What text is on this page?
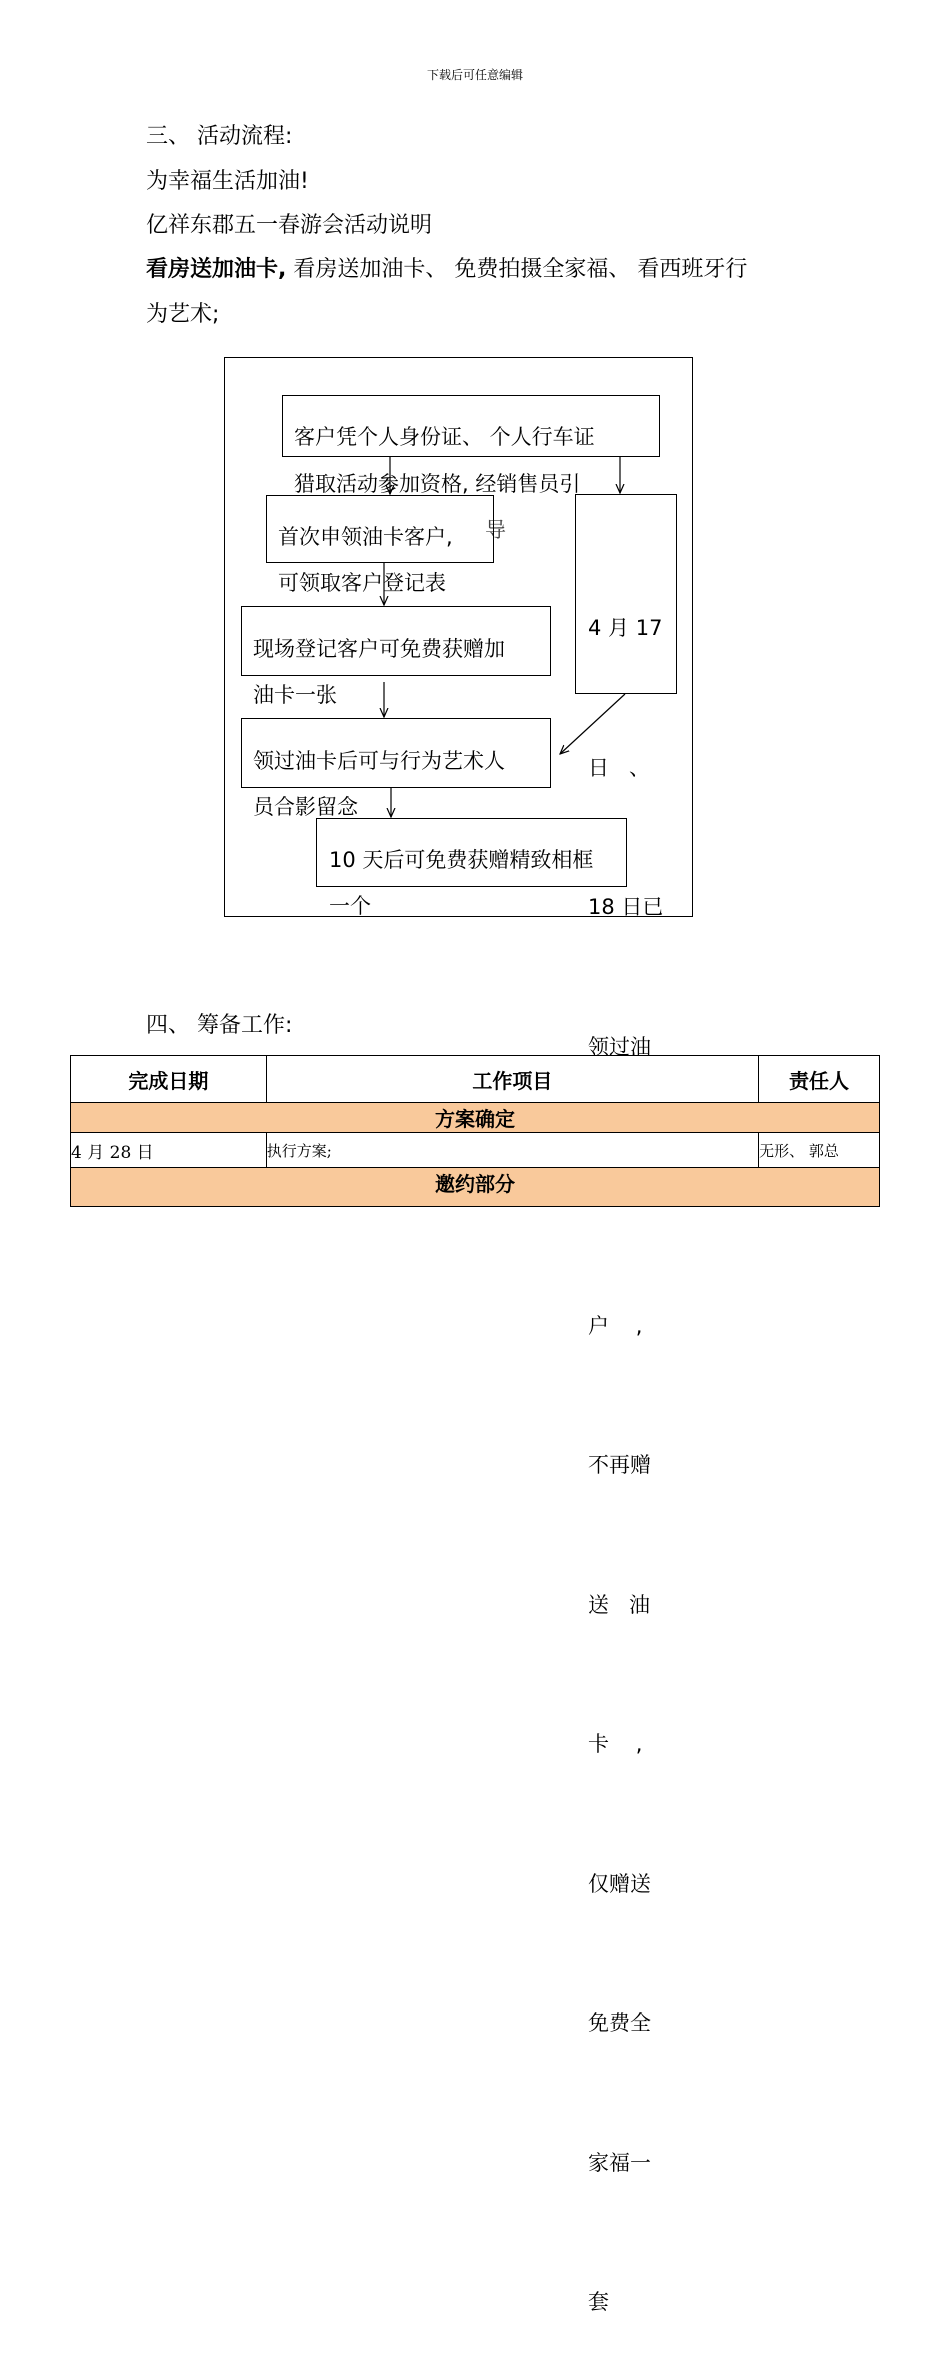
下载后可任意编辑
三、 活动流程:
为幸福生活加油!
亿祥东郡五一春游会活动说明
看房送加油卡, 看房送加油卡、 免费拍摄全家福、 看西班牙行
为艺术;
客户凭个人身份证、 个人行车证
猎取活动参加资格, 经销售员引
导
首次申领油卡客户,
可领取客户登记表
现场登记客户可免费获赠加
油卡一张
领过油卡后可与行为艺术人
员合影留念
10 天后可免费获赠精致相框
一个

4 月 17

日   、

18 日已

领过油

户    ,

不再赠

送   油

卡    ,

仅赠送

免费全

家福一

套

四、 筹备工作:
完成日期	工作项目	责任人
方案确定		
4 月 28 日	执行方案;	无形、 郭总
邀约部分		
